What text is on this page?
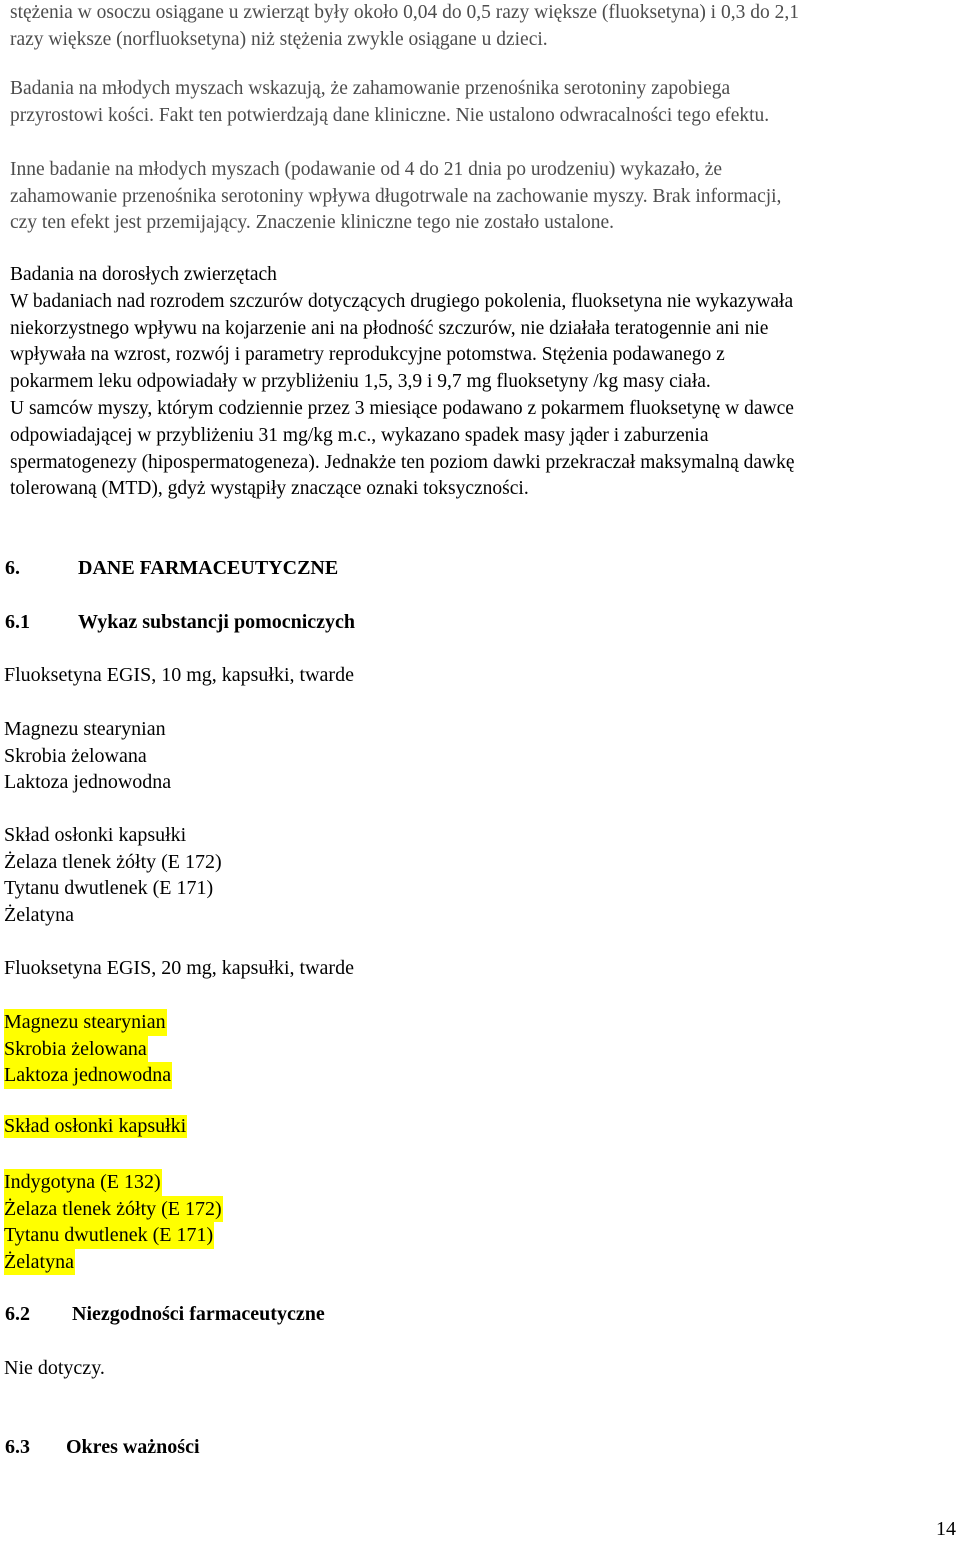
stężenia w osoczu osiągane u zwierząt były około 0,04 do 0,5 razy większe (fluoksetyna) i 0,3 do 2,1
razy większe (norfluoksetyna) niż stężenia zwykle osiągane u dzieci.

Badania na młodych myszach wskazują, że zahamowanie przenośnika serotoniny zapobiega
przyrostowi kości. Fakt ten potwierdzają dane kliniczne. Nie ustalono odwracalności tego efektu.

Inne badanie na młodych myszach (podawanie od 4 do 21 dnia po urodzeniu) wykazało, że
zahamowanie przenośnika serotoniny wpływa długotrwale na zachowanie myszy. Brak informacji,
czy ten efekt jest przemijający. Znaczenie kliniczne tego nie zostało ustalone.

Badania na dorosłych zwierzętach
W badaniach nad rozrodem szczurów dotyczących drugiego pokolenia, fluoksetyna nie wykazywała
niekorzystnego wpływu na kojarzenie ani na płodność szczurów, nie działała teratogennie ani nie
wpływała na wzrost, rozwój i parametry reprodukcyjne potomstwa. Stężenia podawanego z
pokarmem leku odpowiadały w przybliżeniu 1,5, 3,9 i 9,7 mg fluoksetyny /kg masy ciała.
U samców myszy, którym codziennie przez 3 miesiące podawano z pokarmem fluoksetynę w dawce
odpowiadającej w przybliżeniu 31 mg/kg m.c., wykazano spadek masy jąder i zaburzenia
spermatogenezy (hipospermatogeneza). Jednakże ten poziom dawki przekraczał maksymalną dawkę
tolerowaną (MTD), gdyż wystąpiły znaczące oznaki toksyczności.

6.	DANE FARMACEUTYCZNE
6.1 Wykaz substancji pomocniczych
Fluoksetyna EGIS, 10 mg, kapsułki, twarde
Magnezu stearynian
Skrobia żelowana
Laktoza jednowodna
Skład osłonki kapsułki
Żelaza tlenek żółty (E 172)
Tytanu dwutlenek (E 171)
Żelatyna
Fluoksetyna EGIS, 20 mg, kapsułki, twarde
Magnezu stearynian
Skrobia żelowana
Laktoza jednowodna
Skład osłonki kapsułki
Indygotyna (E 132)
Żelaza tlenek żółty (E 172)
Tytanu dwutlenek (E 171)
Żelatyna
6.2 Niezgodności farmaceutyczne
Nie dotyczy.
6.3 Okres ważności
14
